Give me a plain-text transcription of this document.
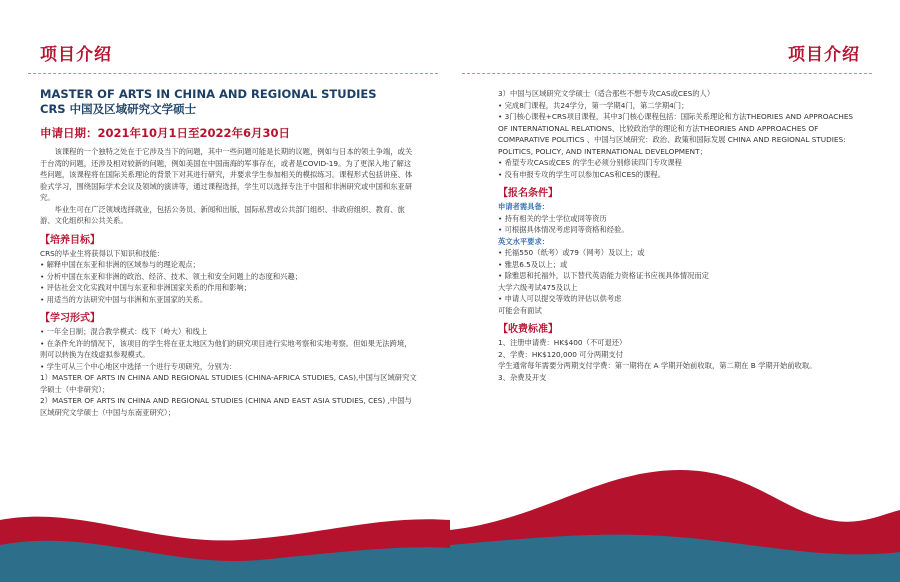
项目介绍
MASTER OF ARTS IN CHINA AND REGIONAL STUDIES
CRS 中国及区域研究文学硕士
申请日期：2021年10月1日至2022年6月30日

该课程的一个独特之处在于它涉及当下的问题，其中一些问题可能是长期的议题，例如与日本的领土争端，或关于台湾的问题，还涉及相对较新的问题，例如美国在中国南海的军事存在，或者是COVID-19。为了更深入地了解这些问题，该课程将在国际关系理论的背景下对其进行研究，并要求学生参加相关的模拟练习。课程形式包括讲座、体验式学习，围绕国际学术会议及领域的演讲等，通过课程选择，学生可以选择专注于中国和非洲研究或中国和东亚研究。

毕业生可在广泛领域选择就业，包括公务员、新闻和出版、国际私营或公共部门组织、非政府组织、教育、旅游、文化组织和公共关系。

【培养目标】

CRS的毕业生将获得以下知识和技能：

• 解释中国在东亚和非洲的区域参与的理论观点；

• 分析中国在东亚和非洲的政治、经济、技术、领土和安全问题上的态度和兴趣；

• 评估社会文化实践对中国与东亚和非洲国家关系的作用和影响；

• 用适当的方法研究中国与非洲和东亚国家的关系。

【学习形式】

• 一年全日制；混合教学模式：线下（岭大）和线上

• 在条件允许的情况下，该项目的学生将在亚太地区为他们的研究项目进行实地考察和实地考察。但如果无法跨境，则可以转换为在线虚拟参观模式。

• 学生可从三个中心地区中选择一个进行专项研究，分别为：

1）MASTER OF ARTS IN CHINA AND REGIONAL STUDIES (CHINA-AFRICA STUDIES, CAS),中国与区域研究文学硕士（中非研究）；

2）MASTER OF ARTS IN CHINA AND REGIONAL STUDIES (CHINA AND EAST ASIA STUDIES, CES) ,中国与区域研究文学硕士（中国与东南亚研究）；

项目介绍

3）中国与区域研究文学硕士（适合那些不想专攻CAS或CES的人）

• 完成8门课程，共24学分，第一学期4门，第二学期4门；

• 3门核心课程+CRS项目课程，其中3门核心课程包括：国际关系理论和方法THEORIES AND APPROACHES OF INTERNATIONAL RELATIONS、比较政治学的理论和方法THEORIES AND APPROACHES OF COMPARATIVE POLITICS 、中国与区域研究：政治、政策和国际发展 CHINA AND REGIONAL STUDIES: POLITICS, POLICY, AND INTERNATIONAL DEVELOPMENT；

• 希望专攻CAS或CES 的学生必须分别修读四门专攻课程

• 没有申报专攻的学生可以参加CAS和CES的课程。

【报名条件】

申请者需具备：

• 持有相关的学士学位或同等资历

• 可根据具体情况考虑同等资格和经验。

英文水平要求：

• 托福550（纸考）或79（网考）及以上；或

• 雅思6.5及以上；或

• 除雅思和托福外，以下替代英语能力资格证书应视具体情况而定

大学六级考试475及以上

• 申请人可以提交等效的评估以供考虑

可能会有面试

【收费标准】

1、注册申请费：HK$400（不可退还）

2、学费：HK$120,000 可分两期支付

学生通常每年需要分两期支付学费：第一期将在 A 学期开始前收取，第二期在 B 学期开始前收取。

3、杂费及开支
